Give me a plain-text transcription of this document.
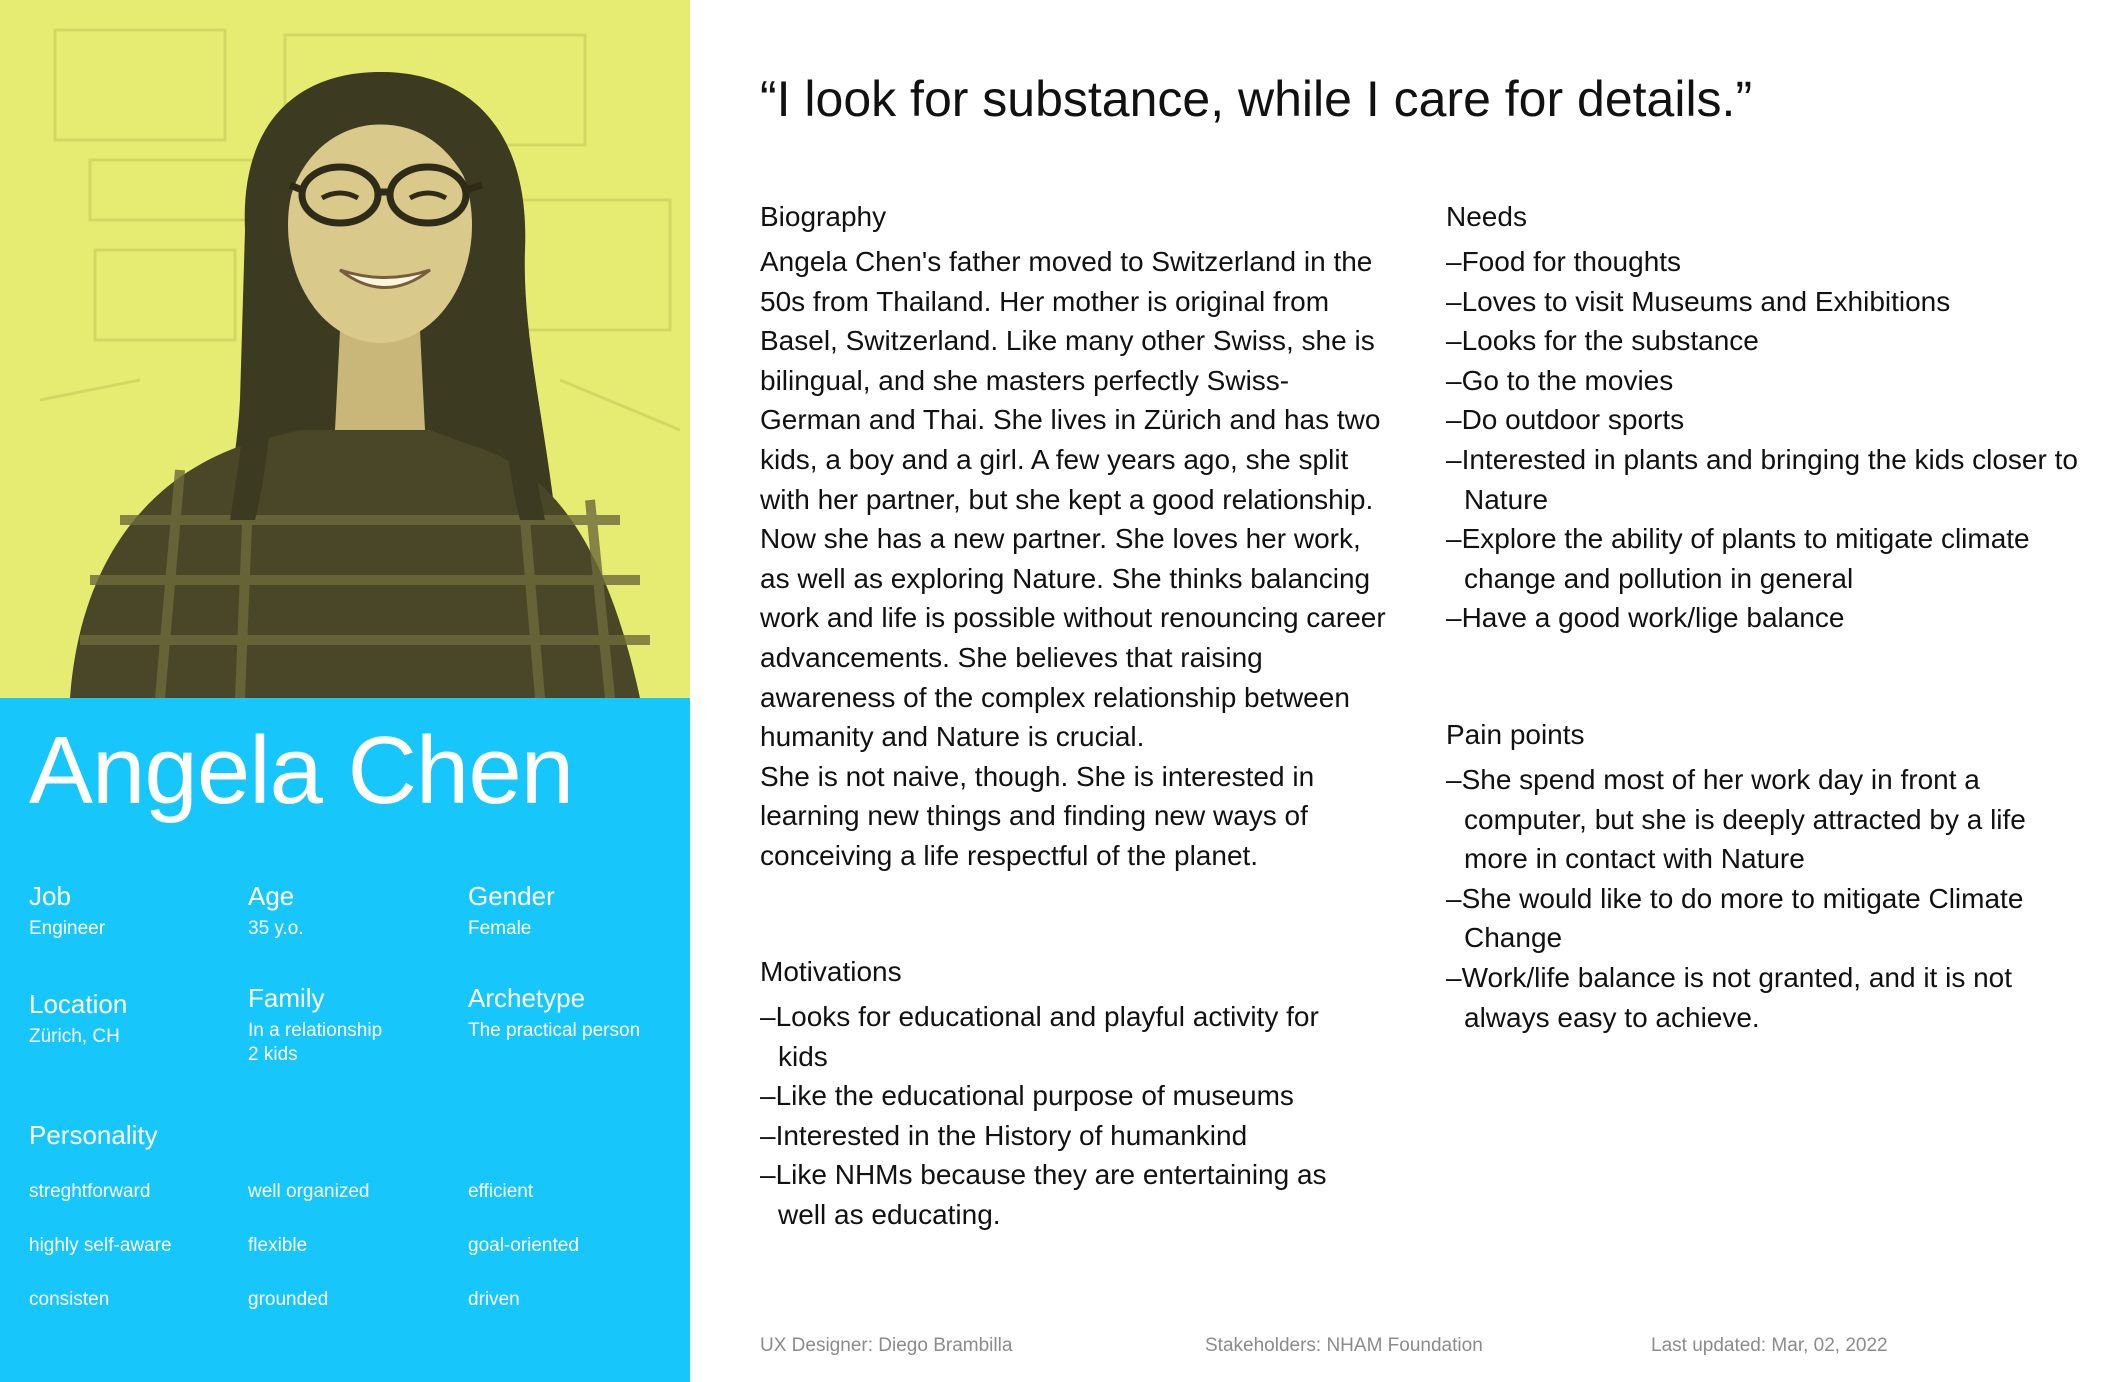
Angela Chen
Job
Engineer
Age
35 y.o.
Gender
Female
Location
Zürich, CH
Family
In a relationship
2 kids
Archetype
The practical person
Personality
streghtforward	well organized	efficient
highly self-aware	flexible	goal-oriented
consisten	grounded	driven
“I look for substance, while I care for details.”
Biography
Angela Chen's father moved to Switzerland in the 50s from Thailand. Her mother is original from Basel, Switzerland. Like many other Swiss, she is bilingual, and she masters perfectly Swiss-German and Thai. She lives in Zürich and has two kids, a boy and a girl. A few years ago, she split with her partner, but she kept a good relationship. Now she has a new partner. She loves her work, as well as exploring Nature. She thinks balancing work and life is possible without renouncing career advancements. She believes that raising awareness of the complex relationship between humanity and Nature is crucial.
She is not naive, though. She is interested in learning new things and finding new ways of conceiving a life respectful of the planet.
Motivations
– Looks for educational and playful activity for kids
– Like the educational purpose of museums
– Interested in the History of humankind
– Like NHMs because they are entertaining as well as educating.
Needs
– Food for thoughts
– Loves to visit Museums and Exhibitions
– Looks for the substance
– Go to the movies
– Do outdoor sports
– Interested in plants and bringing the kids closer to Nature
– Explore the ability of plants to mitigate climate change and pollution in general
– Have a good work/lige balance
Pain points
– She spend most of her work day in front a computer, but she is deeply attracted by a life more in contact with Nature
– She would like to do more to mitigate Climate Change
– Work/life balance is not granted, and it is not always easy to achieve.
UX Designer: Diego Brambilla	Stakeholders: NHAM Foundation	Last updated: Mar, 02, 2022
